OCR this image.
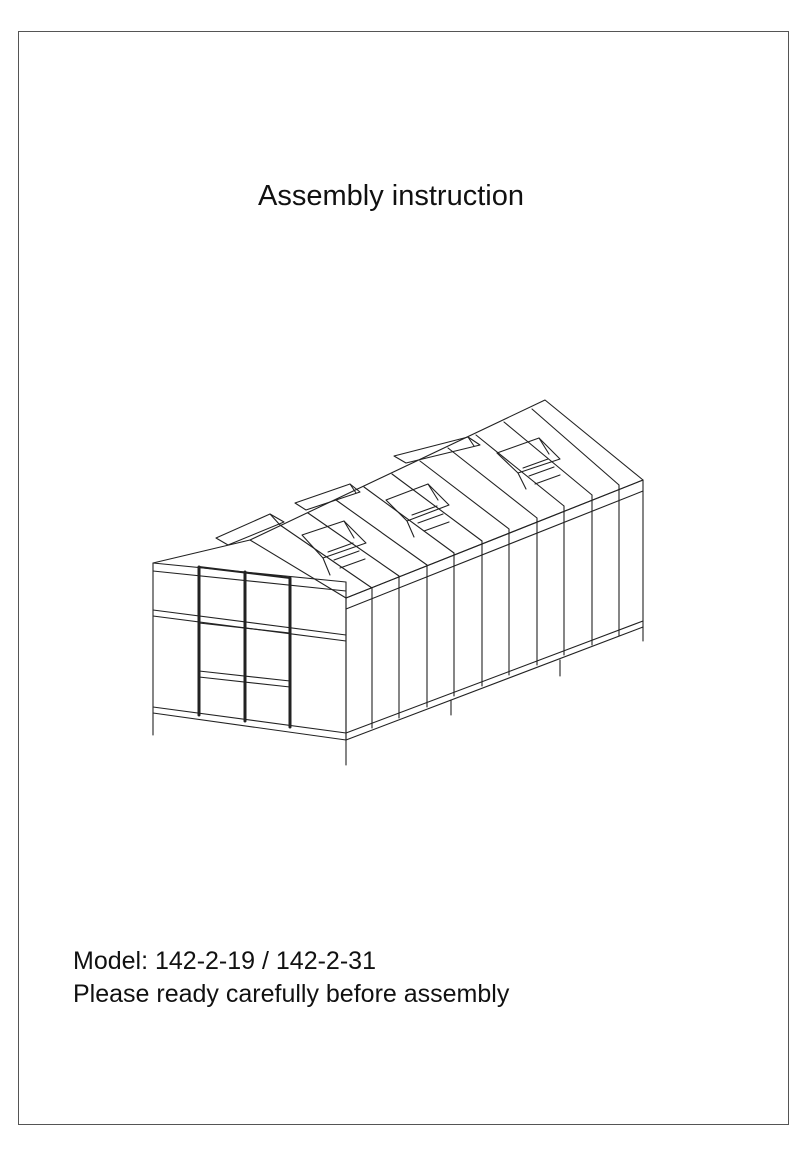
Assembly instruction

Model: 142-2-19 / 142-2-31

Please ready carefully before assembly
